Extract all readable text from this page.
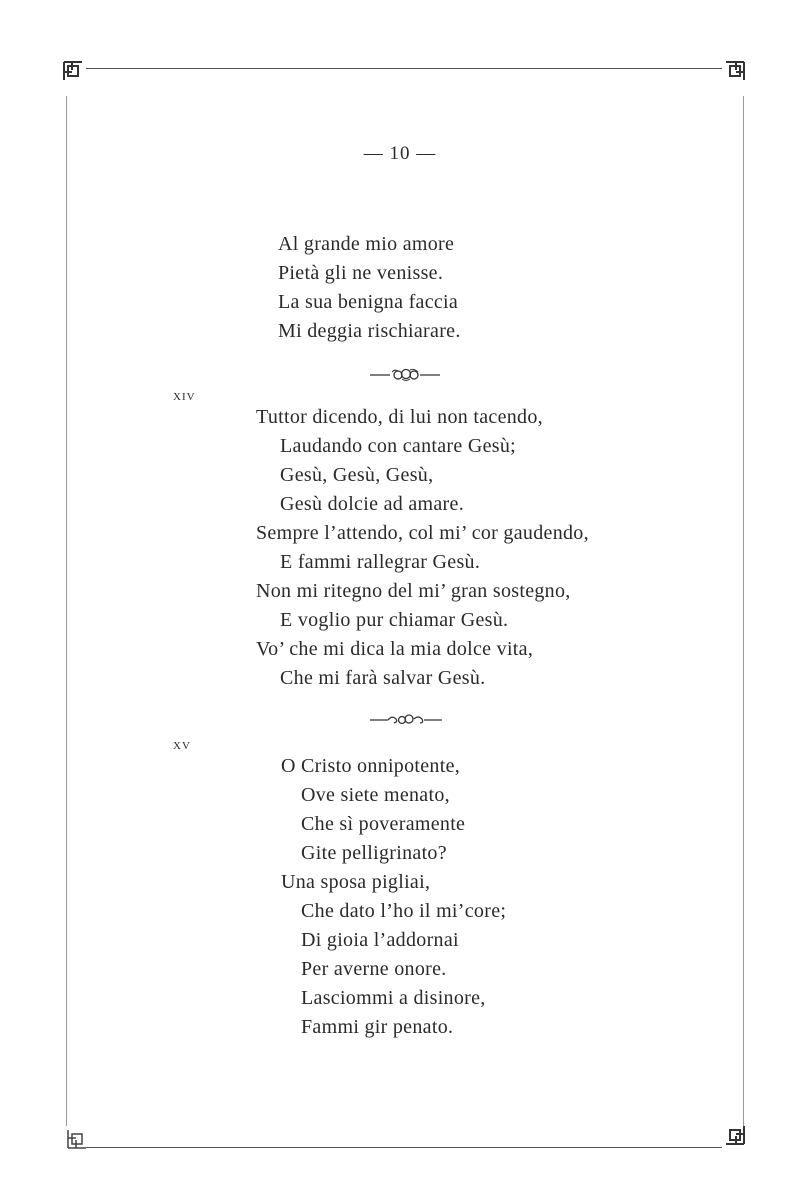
— 10 —
Al grande mio amore
Pietà gli ne venisse.
La sua benigna faccia
Mi deggia rischiarare.
XIV
Tuttor dicendo, di lui non tacendo,
Laudando con cantare Gesù;
Gesù, Gesù, Gesù,
Gesù dolcie ad amare.
Sempre l’attendo, col mi’ cor gaudendo,
E fammi rallegrar Gesù.
Non mi ritegno del mi’ gran sostegno,
E voglio pur chiamar Gesù.
Vo’ che mi dica la mia dolce vita,
Che mi farà salvar Gesù.
XV
O Cristo onnipotente,
Ove siete menato,
Che sì poveramente
Gite pelligrinato?
Una sposa pigliai,
Che dato l’ho il mi’core;
Di gioia l’addornai
Per averne onore.
Lasciommi a disinore,
Fammi gir penato.
